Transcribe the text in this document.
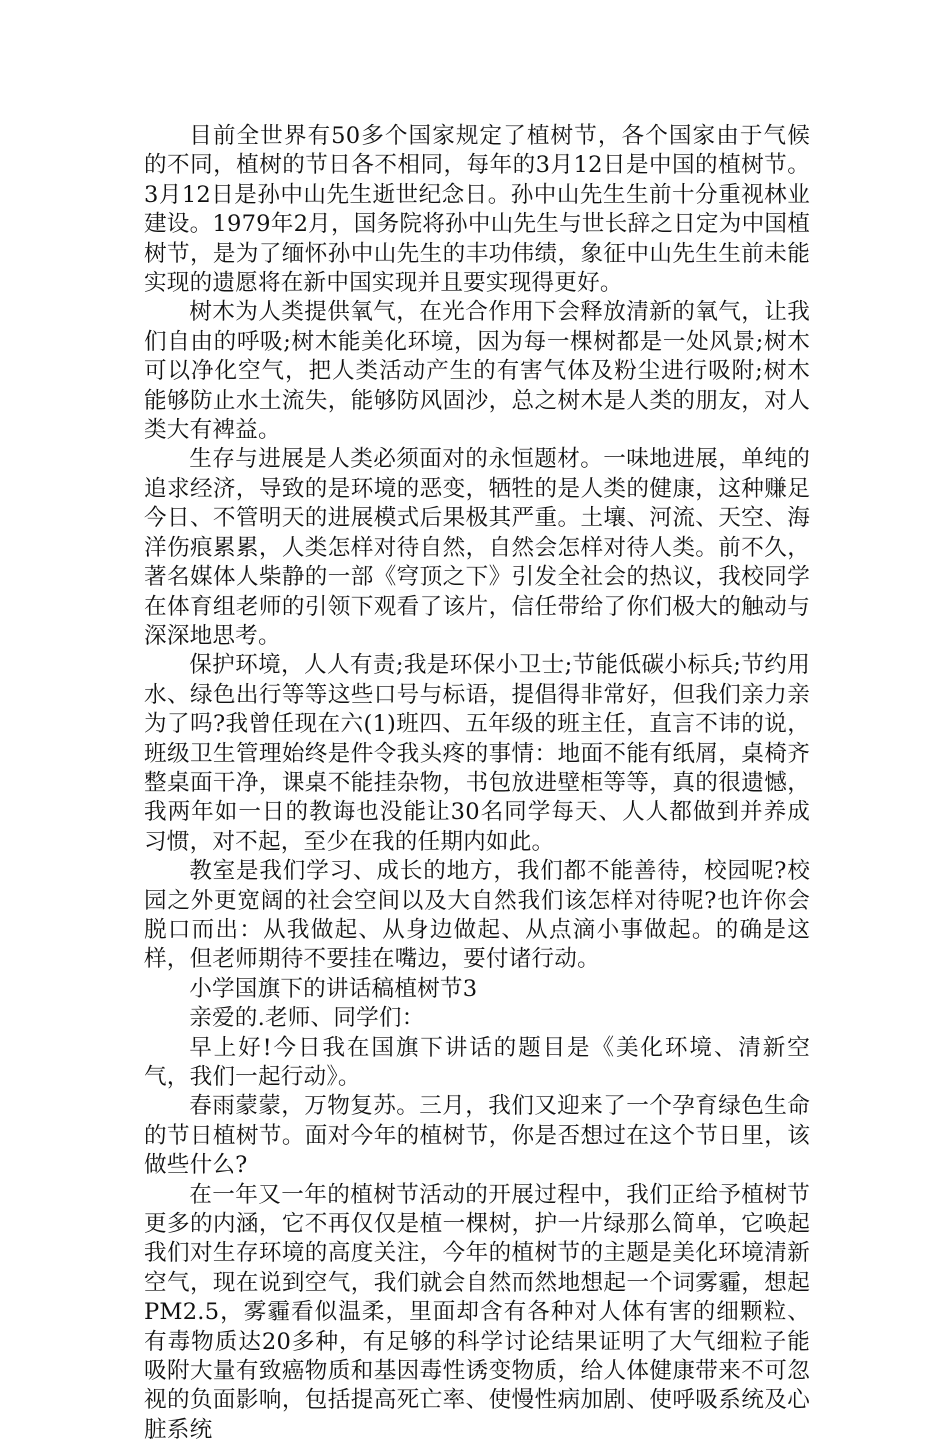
目前全世界有50多个国家规定了植树节，各个国家由于气候的不同，植树的节日各不相同，每年的3月12日是中国的植树节。3月12日是孙中山先生逝世纪念日。孙中山先生生前十分重视林业建设。1979年2月，国务院将孙中山先生与世长辞之日定为中国植树节，是为了缅怀孙中山先生的丰功伟绩，象征中山先生生前未能实现的遗愿将在新中国实现并且要实现得更好。

树木为人类提供氧气，在光合作用下会释放清新的氧气，让我们自由的呼吸;树木能美化环境，因为每一棵树都是一处风景;树木可以净化空气，把人类活动产生的有害气体及粉尘进行吸附;树木能够防止水土流失，能够防风固沙，总之树木是人类的朋友，对人类大有裨益。

生存与进展是人类必须面对的永恒题材。一味地进展，单纯的追求经济，导致的是环境的恶变，牺牲的是人类的健康，这种赚足今日、不管明天的进展模式后果极其严重。土壤、河流、天空、海洋伤痕累累，人类怎样对待自然，自然会怎样对待人类。前不久，著名媒体人柴静的一部《穹顶之下》引发全社会的热议，我校同学在体育组老师的引领下观看了该片，信任带给了你们极大的触动与深深地思考。

保护环境，人人有责;我是环保小卫士;节能低碳小标兵;节约用水、绿色出行等等这些口号与标语，提倡得非常好，但我们亲力亲为了吗?我曾任现在六(1)班四、五年级的班主任，直言不讳的说，班级卫生管理始终是件令我头疼的事情：地面不能有纸屑，桌椅齐整桌面干净，课桌不能挂杂物，书包放进壁柜等等，真的很遗憾，我两年如一日的教诲也没能让30名同学每天、人人都做到并养成习惯，对不起，至少在我的任期内如此。

教室是我们学习、成长的地方，我们都不能善待，校园呢?校园之外更宽阔的社会空间以及大自然我们该怎样对待呢?也许你会脱口而出：从我做起、从身边做起、从点滴小事做起。的确是这样，但老师期待不要挂在嘴边，要付诸行动。

小学国旗下的讲话稿植树节3

亲爱的.老师、同学们：

早上好!今日我在国旗下讲话的题目是《美化环境、清新空气，我们一起行动》。

春雨蒙蒙，万物复苏。三月，我们又迎来了一个孕育绿色生命的节日植树节。面对今年的植树节，你是否想过在这个节日里，该做些什么?

在一年又一年的植树节活动的开展过程中，我们正给予植树节更多的内涵，它不再仅仅是植一棵树，护一片绿那么简单，它唤起我们对生存环境的高度关注，今年的植树节的主题是美化环境清新空气，现在说到空气，我们就会自然而然地想起一个词雾霾，想起PM2.5，雾霾看似温柔，里面却含有各种对人体有害的细颗粒、有毒物质达20多种，有足够的科学讨论结果证明了大气细粒子能吸附大量有致癌物质和基因毒性诱变物质，给人体健康带来不可忽视的负面影响，包括提高死亡率、使慢性病加剧、使呼吸系统及心脏系统
